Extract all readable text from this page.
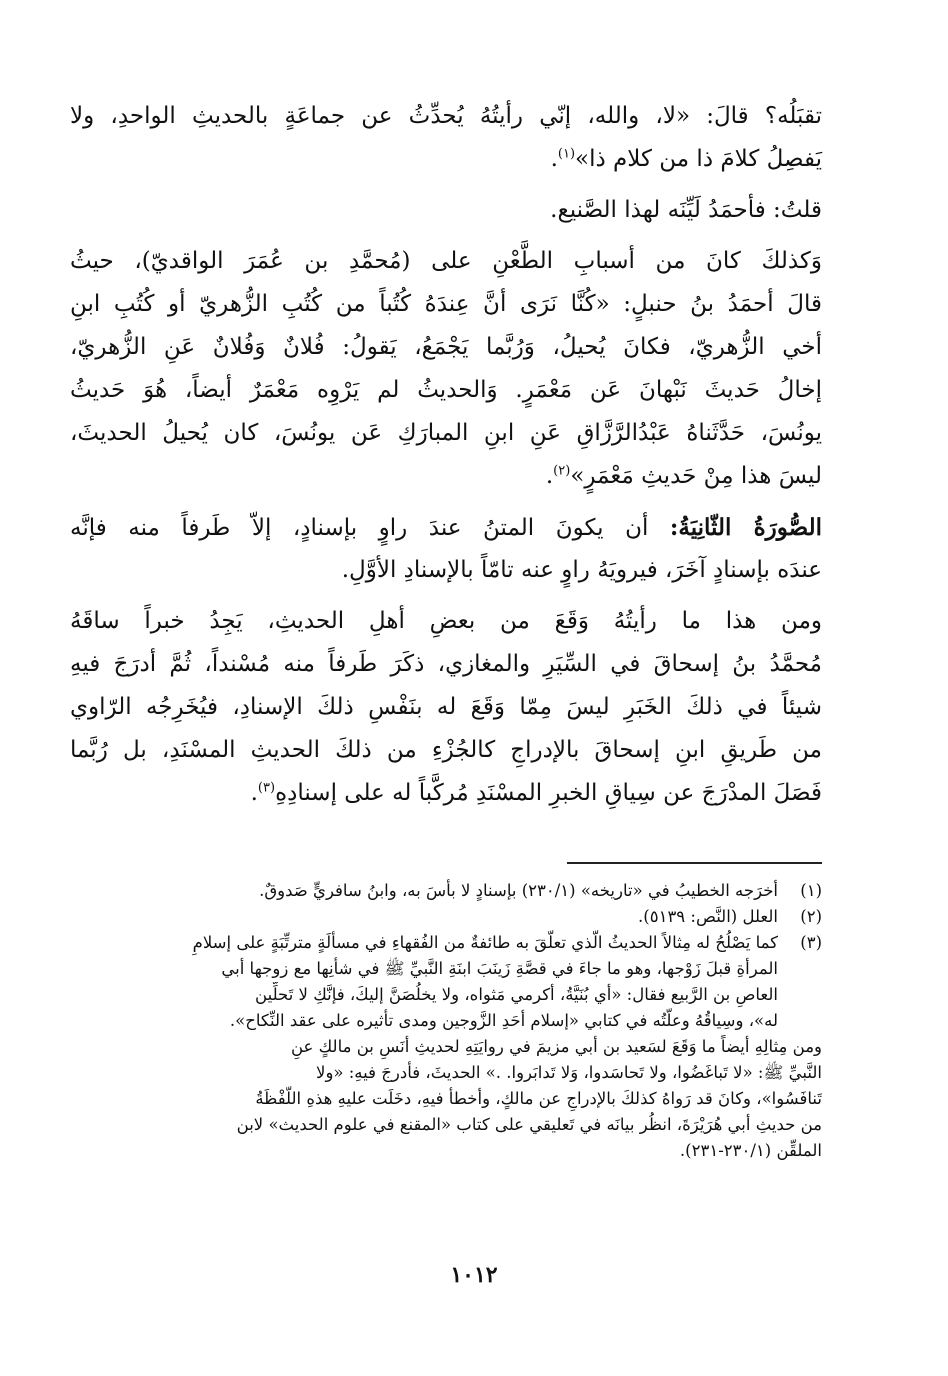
تقبَلُه؟ قالَ: «لا، والله، إنّي رأيتُهُ يُحدِّثُ عن جماعَةٍ بالحديثِ الواحدِ، ولا
يَفصِلُ كلامَ ذا من كلام ذا»$^{(١)}$.
قلتُ: فأحمَدُ لَيِّنَه لهذا الصَّنيع.
وَكذلكَ كانَ من أسبابِ الطَّعْنِ على (مُحمَّدِ بن عُمَرَ الواقديّ)، حيثُ
قالَ أحمَدُ بنُ حنبلٍ: «كُنَّا نَرَى أنَّ عِندَهُ كُتُباً من كُتُبِ الزُّهريّ أو كُتُبِ ابنِ
أخي الزُّهريّ، فكانَ يُحيلُ، وَرُبَّما يَجْمَعُ، يَقولُ: فُلانٌ وَفُلانٌ عَنِ الزُّهريّ،
إخالُ حَديثَ نَبْهانَ عَن مَعْمَرٍ. وَالحديثُ لم يَرْوِه مَعْمَرٌ أيضاً، هُوَ حَديثُ
يونُسَ، حَدَّثَناهُ عَبْدُالرَّزَّاقِ عَنِ ابنِ المبارَكِ عَن يونُسَ، كان يُحيلُ الحديثَ،
ليسَ هذا مِنْ حَديثِ مَعْمَرٍ»$^{(٢)}$.
الصُّورَةُ الثّانِيَةُ: أن يكونَ المتنُ عندَ راوٍ بإسنادٍ، إلاّ طَرفاً منه فإنَّه
عندَه بإسنادٍ آخَرَ، فيرويَهُ راوٍ عنه تامّاً بالإسنادِ الأوَّلِ.
ومن هذا ما رأيتُهُ وَقَعَ من بعضِ أهلِ الحديثِ، يَجِدُ خبراً ساقَهُ
مُحمَّدُ بنُ إسحاقَ في السِّيَرِ والمغازي، ذكَرَ طَرفاً منه مُسْنداً، ثُمَّ أدرَجَ فيهِ
شيئاً في ذلكَ الخَبَرِ ليسَ مِمّا وَقَعَ له بنَفْسِ ذلكَ الإسنادِ، فيُخَرِجُه الرّاوي
من طَريقِ ابنِ إسحاقَ بالإدراجِ كالجُزْءِ من ذلكَ الحديثِ المسْنَدِ، بل رُبَّما
فَصَلَ المدْرَجَ عن سِياقِ الخبرِ المسْنَدِ مُركَّباً له على إسنادِهِ$^{(٣)}$.
(١)أخرَجه الخطيبُ في «تاريخه» (٢٣٠/١) بإسنادٍ لا بأسَ به، وابنُ سافريٍّ صَدوقٌ.
(٢)العلل (النَّص: ٥١٣٩).
(٣)كما يَصْلُحُ له مِثالاً الحديثُ الّذي تعلَّقَ به طائفةٌ من الفُقهاءِ في مسألَةٍ مترتِّبَةٍ على إسلامِ
المرأةِ قبلَ زَوْجها، وهو ما جاءَ في قصَّةِ زَينَبَ ابنَةِ النَّبيِّ ﷺ في شأنِها مع زوجها أبي
العاصِ بن الرَّبيع فقال: «أي بُنَيَّةُ، أكرمي مَثواه، ولا يخلُصَنَّ إليكَ، فإنَّكِ لا تَحلِّين
له»، وسِياقُهُ وعلَّتُه في كتابي «إسلام أحَدِ الزَّوجين ومدى تأثيره على عقد النِّكاح».
ومن مِثالِهِ أيضاً ما وَقَعَ لسَعيد بن أبي مزيمَ في روايَتِهِ لحديثِ أنَسِ بن مالكٍ عنِ
النَّبيِّ ﷺ: «لا تَباغَضُوا، ولا تَحاسَدوا، وَلا تَدابَروا. .» الحديثَ، فأدرجَ فيهِ: «ولا
تَنافَسُوا»، وكانَ قد رَواهُ كذلكَ بالإدراجِ عن مالكٍ، وأخطأ فيهِ، دخَلَت عليهِ هذهِ اللَّفْظَةُ
من حديثِ أبي هُرَيْرَةَ، انظُر بيانَه في تَعليقي على كتاب «المقنع في علوم الحديث» لابن
الملقِّن (٢٣٠/١-٢٣١).
١٠١٢
